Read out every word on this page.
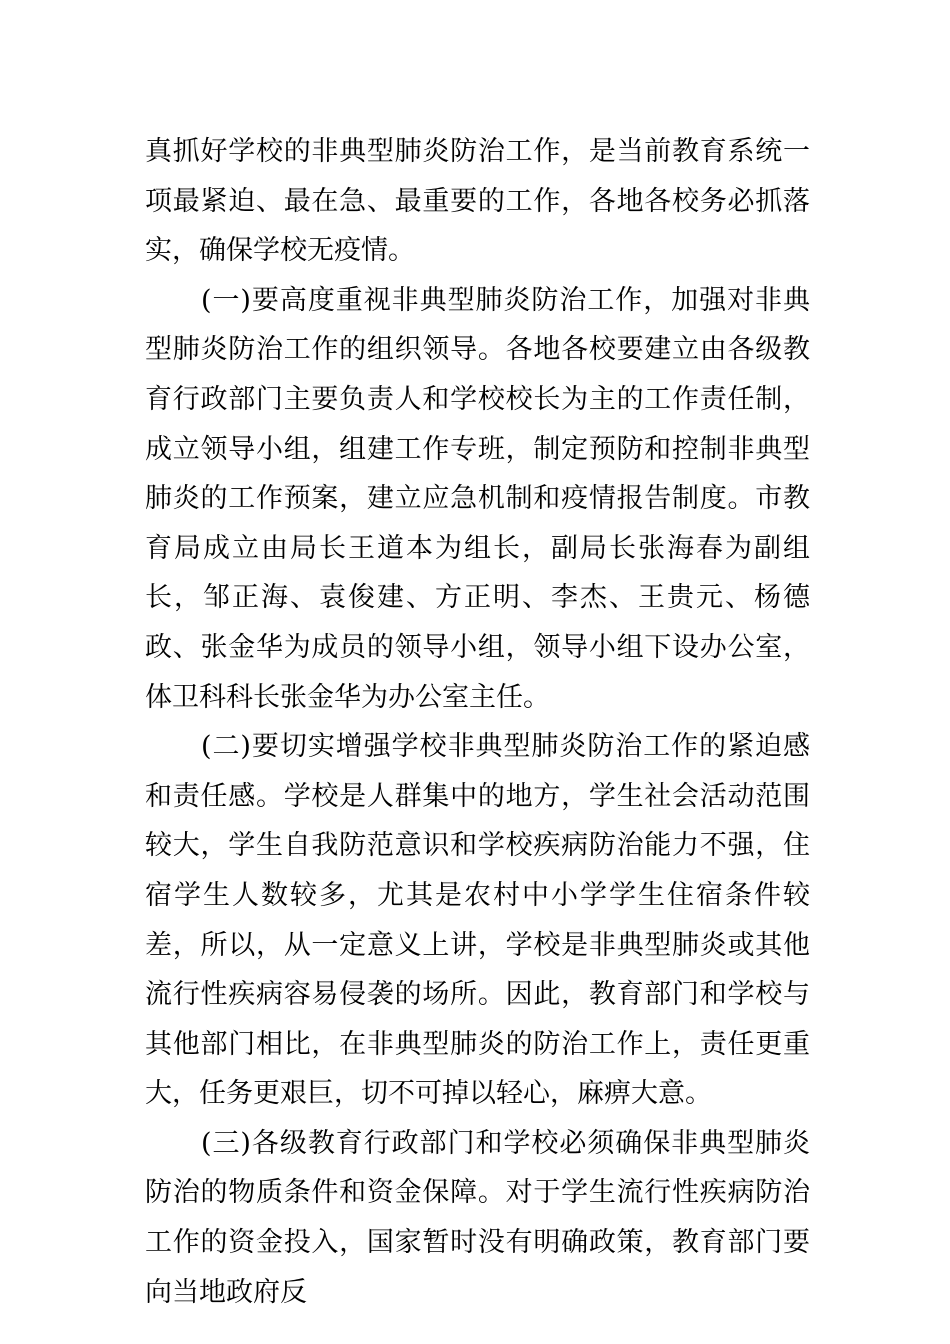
真抓好学校的非典型肺炎防治工作，是当前教育系统一项最紧迫、最在急、最重要的工作，各地各校务必抓落实，确保学校无疫情。

(一)要高度重视非典型肺炎防治工作，加强对非典型肺炎防治工作的组织领导。各地各校要建立由各级教育行政部门主要负责人和学校校长为主的工作责任制，成立领导小组，组建工作专班，制定预防和控制非典型肺炎的工作预案，建立应急机制和疫情报告制度。市教育局成立由局长王道本为组长，副局长张海春为副组长，邹正海、袁俊建、方正明、李杰、王贵元、杨德政、张金华为成员的领导小组，领导小组下设办公室，体卫科科长张金华为办公室主任。

(二)要切实增强学校非典型肺炎防治工作的紧迫感和责任感。学校是人群集中的地方，学生社会活动范围较大，学生自我防范意识和学校疾病防治能力不强，住宿学生人数较多，尤其是农村中小学学生住宿条件较差，所以，从一定意义上讲，学校是非典型肺炎或其他流行性疾病容易侵袭的场所。因此，教育部门和学校与其他部门相比，在非典型肺炎的防治工作上，责任更重大，任务更艰巨，切不可掉以轻心，麻痹大意。

(三)各级教育行政部门和学校必须确保非典型肺炎防治的物质条件和资金保障。对于学生流行性疾病防治工作的资金投入，国家暂时没有明确政策，教育部门要向当地政府反
